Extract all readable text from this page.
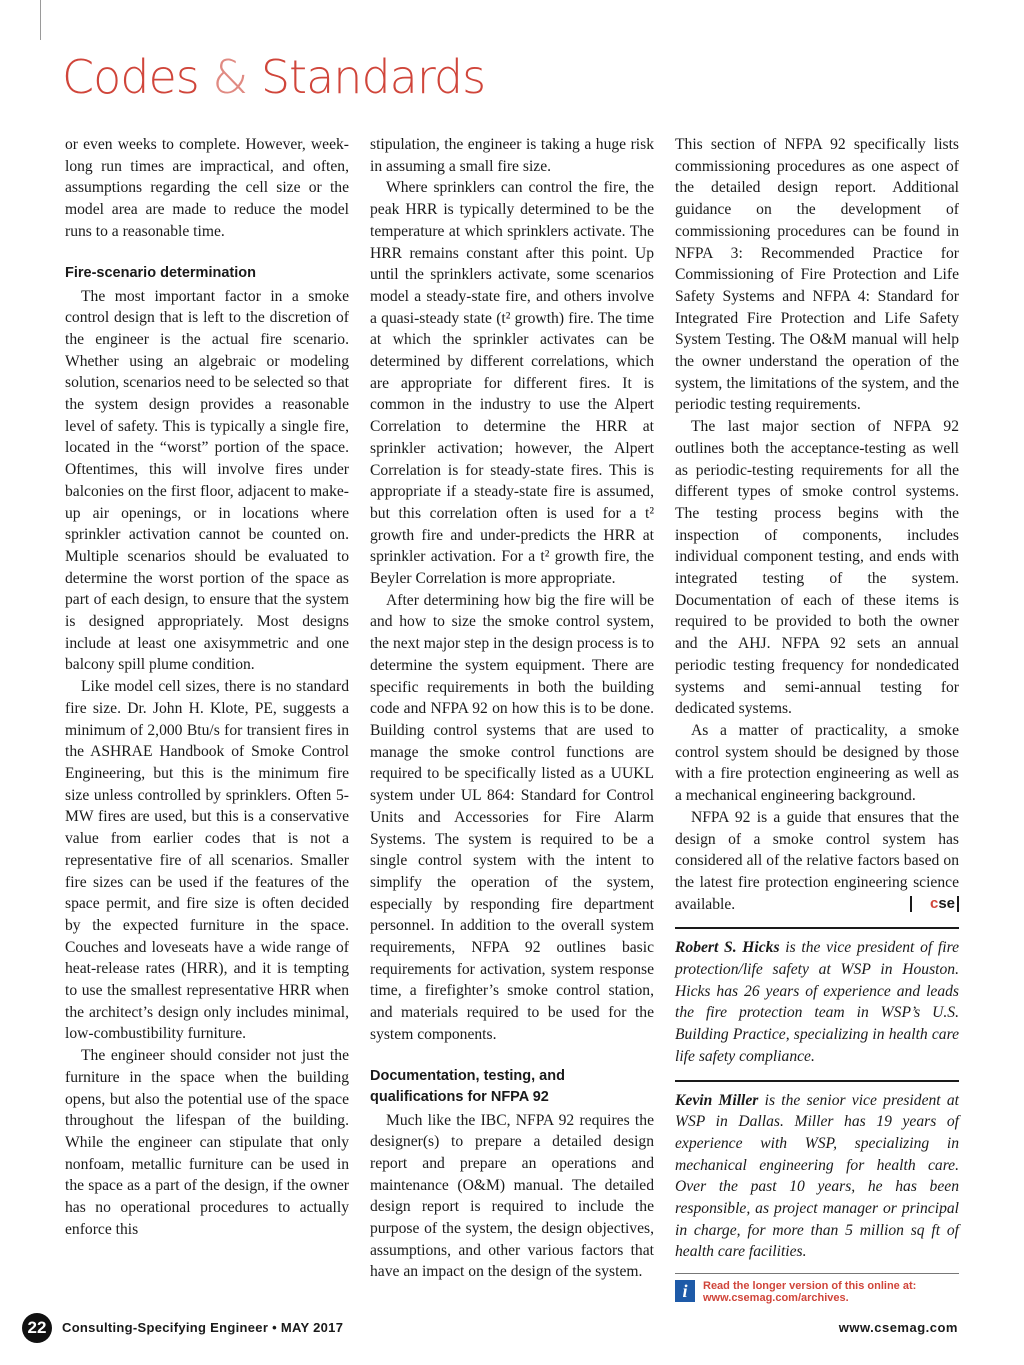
Codes & Standards

or even weeks to complete. However, week-long run times are impractical, and often, assumptions regarding the cell size or the model area are made to reduce the model runs to a reasonable time.

Fire-scenario determination

The most important factor in a smoke control design that is left to the discretion of the engineer is the actual fire scenario. Whether using an algebraic or modeling solution, scenarios need to be selected so that the system design provides a reasonable level of safety. This is typically a single fire, located in the “worst” portion of the space. Oftentimes, this will involve fires under balconies on the first floor, adjacent to make-up air openings, or in locations where sprinkler activation cannot be counted on. Multiple scenarios should be evaluated to determine the worst portion of the space as part of each design, to ensure that the system is designed appropriately. Most designs include at least one axisymmetric and one balcony spill plume condition.

Like model cell sizes, there is no standard fire size. Dr. John H. Klote, PE, suggests a minimum of 2,000 Btu/s for transient fires in the ASHRAE Handbook of Smoke Control Engineering, but this is the minimum fire size unless controlled by sprinklers. Often 5-MW fires are used, but this is a conservative value from earlier codes that is not a representative fire of all scenarios. Smaller fire sizes can be used if the features of the space permit, and fire size is often decided by the expected furniture in the space. Couches and loveseats have a wide range of heat-release rates (HRR), and it is tempting to use the smallest representative HRR when the architect’s design only includes minimal, low-combustibility furniture.

The engineer should consider not just the furniture in the space when the building opens, but also the potential use of the space throughout the lifespan of the building. While the engineer can stipulate that only nonfoam, metallic furniture can be used in the space as a part of the design, if the owner has no operational procedures to actually enforce this

stipulation, the engineer is taking a huge risk in assuming a small fire size.

Where sprinklers can control the fire, the peak HRR is typically determined to be the temperature at which sprinklers activate. The HRR remains constant after this point. Up until the sprinklers activate, some scenarios model a steady-state fire, and others involve a quasi-steady state (t² growth) fire. The time at which the sprinkler activates can be determined by different correlations, which are appropriate for different fires. It is common in the industry to use the Alpert Correlation to determine the HRR at sprinkler activation; however, the Alpert Correlation is for steady-state fires. This is appropriate if a steady-state fire is assumed, but this correlation often is used for a t² growth fire and under-predicts the HRR at sprinkler activation. For a t² growth fire, the Beyler Correlation is more appropriate.

After determining how big the fire will be and how to size the smoke control system, the next major step in the design process is to determine the system equipment. There are specific requirements in both the building code and NFPA 92 on how this is to be done. Building control systems that are used to manage the smoke control functions are required to be specifically listed as a UUKL system under UL 864: Standard for Control Units and Accessories for Fire Alarm Systems. The system is required to be a single control system with the intent to simplify the operation of the system, especially by responding fire department personnel. In addition to the overall system requirements, NFPA 92 outlines basic requirements for activation, system response time, a firefighter’s smoke control station, and materials required to be used for the system components.

Documentation, testing, and qualifications for NFPA 92

Much like the IBC, NFPA 92 requires the designer(s) to prepare a detailed design report and prepare an operations and maintenance (O&M) manual. The detailed design report is required to include the purpose of the system, the design objectives, assumptions, and other various factors that have an impact on the design of the system.

This section of NFPA 92 specifically lists commissioning procedures as one aspect of the detailed design report. Additional guidance on the development of commissioning procedures can be found in NFPA 3: Recommended Practice for Commissioning of Fire Protection and Life Safety Systems and NFPA 4: Standard for Integrated Fire Protection and Life Safety System Testing. The O&M manual will help the owner understand the operation of the system, the limitations of the system, and the periodic testing requirements.

The last major section of NFPA 92 outlines both the acceptance-testing as well as periodic-testing requirements for all the different types of smoke control systems. The testing process begins with the inspection of components, includes individual component testing, and ends with integrated testing of the system. Documentation of each of these items is required to be provided to both the owner and the AHJ. NFPA 92 sets an annual periodic testing frequency for nondedicated systems and semi-annual testing for dedicated systems.

As a matter of practicality, a smoke control system should be designed by those with a fire protection engineering as well as a mechanical engineering background.

NFPA 92 is a guide that ensures that the design of a smoke control system has considered all of the relative factors based on the latest fire protection engineering science available.	cse

Robert S. Hicks is the vice president of fire protection/life safety at WSP in Houston. Hicks has 26 years of experience and leads the fire protection team in WSP’s U.S. Building Practice, specializing in health care life safety compliance.
Kevin Miller is the senior vice president at WSP in Dallas. Miller has 19 years of experience with WSP, specializing in mechanical engineering for health care. Over the past 10 years, he has been responsible, as project manager or principal in charge, for more than 5 million sq ft of health care facilities.
i	Read the longer version of this online at:
www.csemag.com/archives.
22	Consulting-Specifying Engineer • MAY 2017	www.csemag.com
